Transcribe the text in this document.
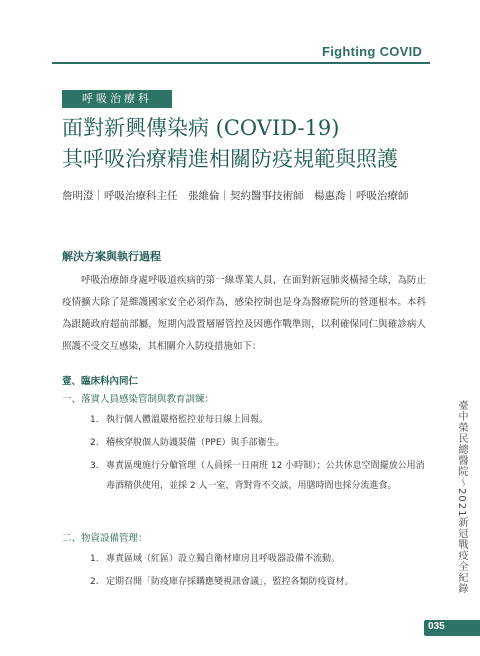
Fighting COVID
呼吸治療科
面對新興傳染病 (COVID-19)
其呼吸治療精進相關防疫規範與照護
詹明澄｜呼吸治療科主任　張維倫｜契約醫事技術師　楊惠喬｜呼吸治療師
解決方案與執行過程

呼吸治療師身處呼吸道疾病的第一線專業人員，在面對新冠肺炎橫掃全球，為防止疫情擴大除了是維護國家安全必須作為，感染控制也是身為醫療院所的營運根本。本科為跟隨政府超前部屬，短期內設置層層管控及因應作戰準則，以利確保同仁與確診病人照護不受交互感染，其相關介入防疫措施如下：

壹、臨床科內同仁
一、落實人員感染管制與教育訓練：
1. 執行個人體溫嚴格監控並每日線上回報。
2. 稽核穿脫個人防護裝備（PPE）與手部衛生。
3. 專責區塊施行分艙管理（人員採一日兩班 12 小時制）；公共休息空間擺放公用消毒酒精供使用，並採 2 人一室，背對背不交談，用膳時間也採分流進食。
二、物資設備管理：
1. 專責區域（紅區）設立獨自衛材庫房且呼吸器設備不流動。
2. 定期召開「防疫庫存採購應變視訊會議」，監控各類防疫資材。	臺中榮民總醫院～2021新冠戰疫全紀錄
035
